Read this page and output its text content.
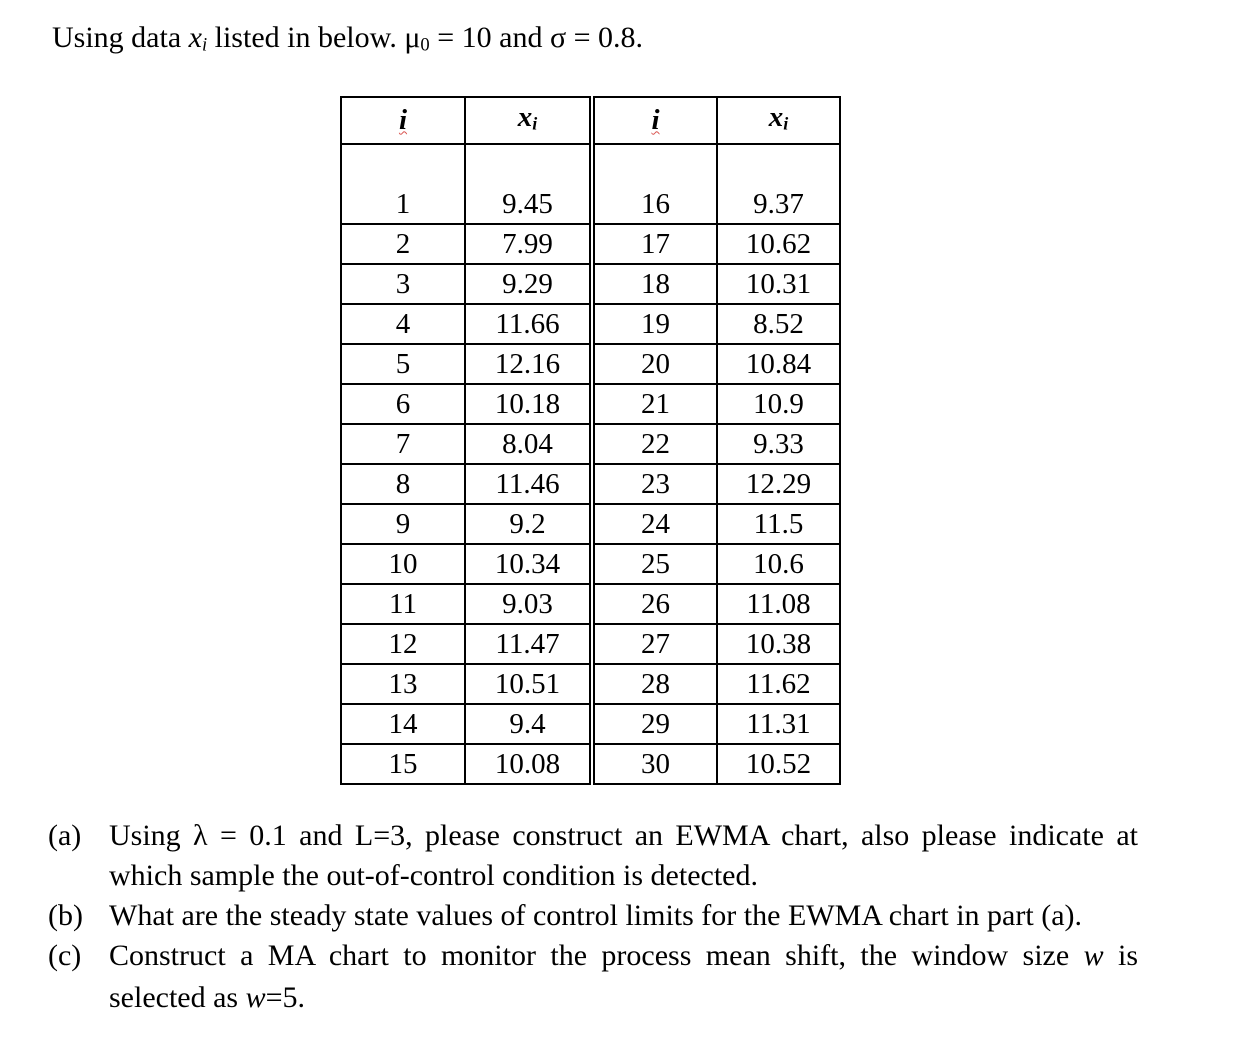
Using data xi listed in below. μ0 = 10 and σ = 0.8.
i	$x_i$	i	$x_i$

1	9.45	16	9.37
2	7.99	17	10.62
3	9.29	18	10.31
4	11.66	19	8.52
5	12.16	20	10.84
6	10.18	21	10.9
7	8.04	22	9.33
8	11.46	23	12.29
9	9.2	24	11.5
10	10.34	25	10.6
11	9.03	26	11.08
12	11.47	27	10.38
13	10.51	28	11.62
14	9.4	29	11.31
15	10.08	30	10.52
(a) Using λ = 0.1 and L=3, please construct an EWMA chart, also please indicate at which sample the out-of-control condition is detected.
(b) What are the steady state values of control limits for the EWMA chart in part (a).
(c) Construct a MA chart to monitor the process mean shift, the window size w is
selected as w=5.
